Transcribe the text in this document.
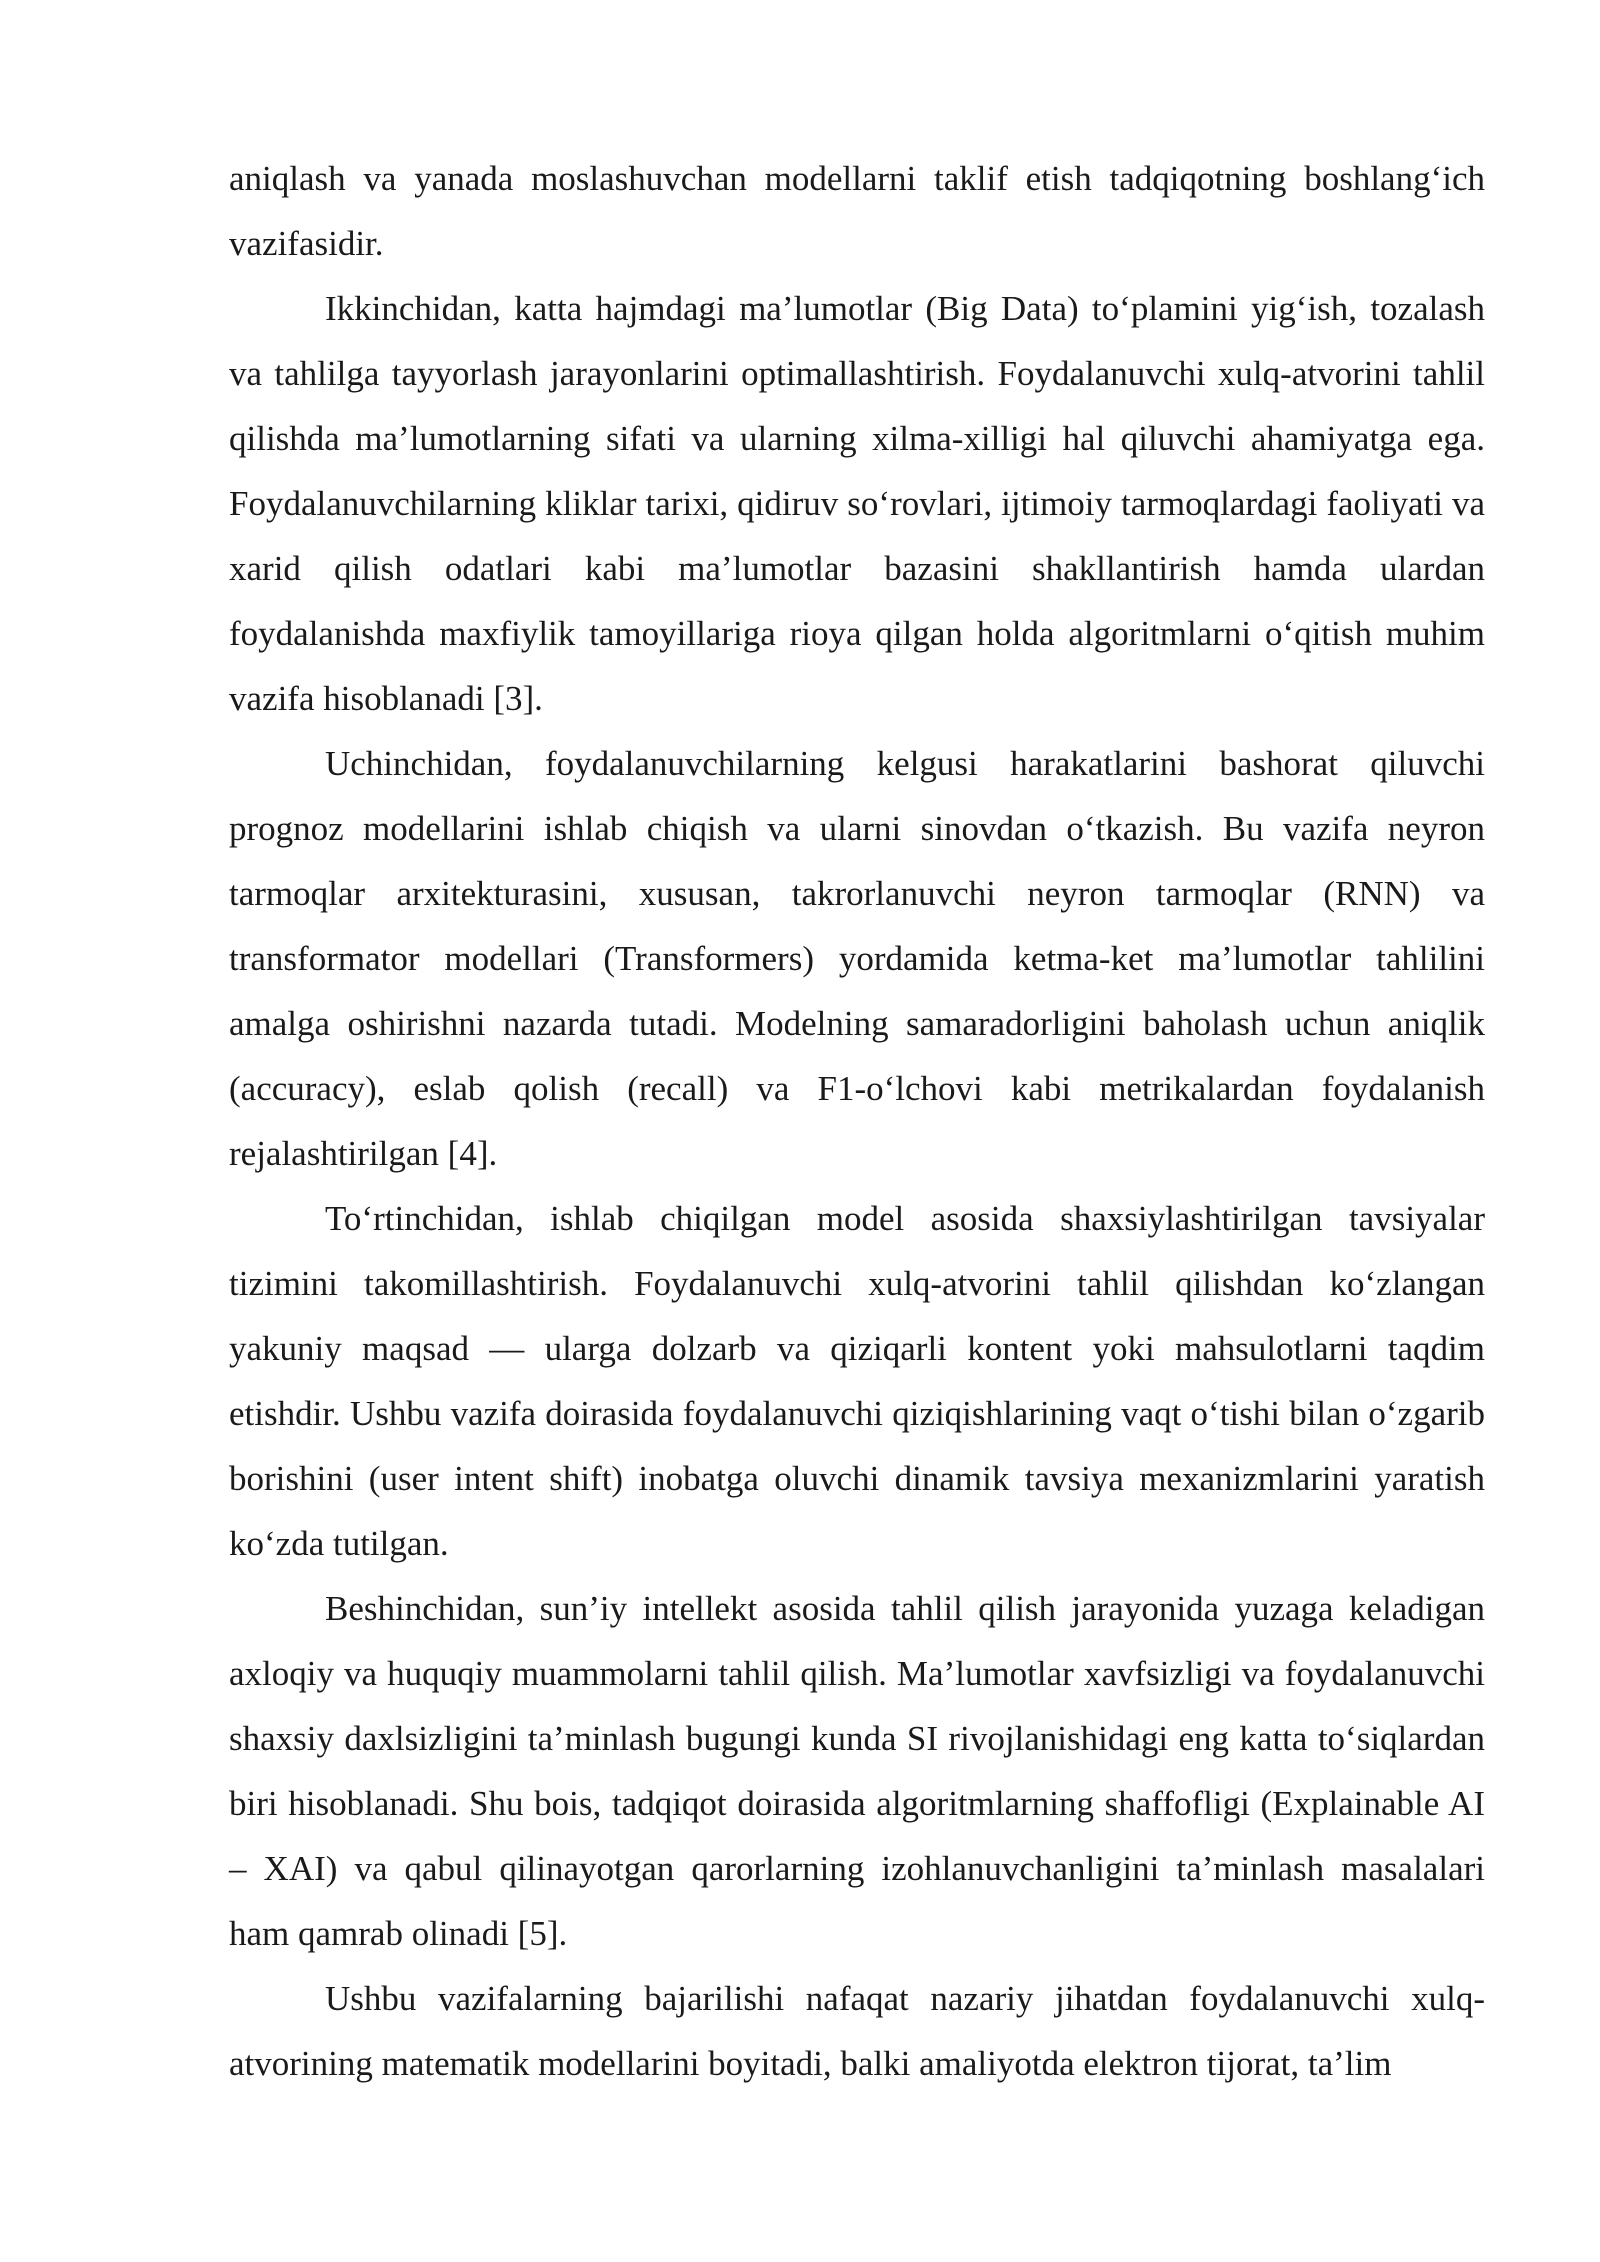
aniqlash va yanada moslashuvchan modellarni taklif etish tadqiqotning boshlang‘ich vazifasidir.

Ikkinchidan, katta hajmdagi ma’lumotlar (Big Data) to‘plamini yig‘ish, tozalash va tahlilga tayyorlash jarayonlarini optimallashtirish. Foydalanuvchi xulq-atvorini tahlil qilishda ma’lumotlarning sifati va ularning xilma-xilligi hal qiluvchi ahamiyatga ega. Foydalanuvchilarning kliklar tarixi, qidiruv so‘rovlari, ijtimoiy tarmoqlardagi faoliyati va xarid qilish odatlari kabi ma’lumotlar bazasini shakllantirish hamda ulardan foydalanishda maxfiylik tamoyillariga rioya qilgan holda algoritmlarni o‘qitish muhim vazifa hisoblanadi [3].

Uchinchidan, foydalanuvchilarning kelgusi harakatlarini bashorat qiluvchi prognoz modellarini ishlab chiqish va ularni sinovdan o‘tkazish. Bu vazifa neyron tarmoqlar arxitekturasini, xususan, takrorlanuvchi neyron tarmoqlar (RNN) va transformator modellari (Transformers) yordamida ketma-ket ma’lumotlar tahlilini amalga oshirishni nazarda tutadi. Modelning samaradorligini baholash uchun aniqlik (accuracy), eslab qolish (recall) va F1-o‘lchovi kabi metrikalardan foydalanish rejalashtirilgan [4].

To‘rtinchidan, ishlab chiqilgan model asosida shaxsiylashtirilgan tavsiyalar tizimini takomillashtirish. Foydalanuvchi xulq-atvorini tahlil qilishdan ko‘zlangan yakuniy maqsad — ularga dolzarb va qiziqarli kontent yoki mahsulotlarni taqdim etishdir. Ushbu vazifa doirasida foydalanuvchi qiziqishlarining vaqt o‘tishi bilan o‘zgarib borishini (user intent shift) inobatga oluvchi dinamik tavsiya mexanizmlarini yaratish ko‘zda tutilgan.

Beshinchidan, sun’iy intellekt asosida tahlil qilish jarayonida yuzaga keladigan axloqiy va huquqiy muammolarni tahlil qilish. Ma’lumotlar xavfsizligi va foydalanuvchi shaxsiy daxlsizligini ta’minlash bugungi kunda SI rivojlanishidagi eng katta to‘siqlardan biri hisoblanadi. Shu bois, tadqiqot doirasida algoritmlarning shaffofligi (Explainable AI – XAI) va qabul qilinayotgan qarorlarning izohlanuvchanligini ta’minlash masalalari ham qamrab olinadi [5].

Ushbu vazifalarning bajarilishi nafaqat nazariy jihatdan foydalanuvchi xulq-atvorining matematik modellarini boyitadi, balki amaliyotda elektron tijorat, ta’lim
